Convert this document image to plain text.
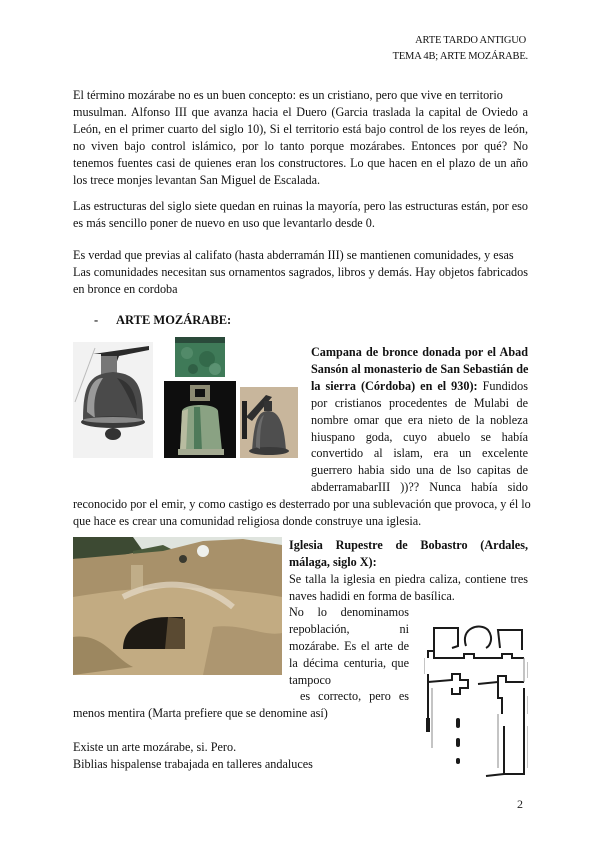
ARTE TARDO ANTIGUO
TEMA 4B; ARTE MOZÁRABE.
El término mozárabe no es un buen concepto: es un cristiano, pero que vive en territorio
musulman. Alfonso III que avanza hacia el Duero (Garcia traslada la capital de Oviedo a
León, en el primer cuarto del siglo 10), Si el territorio está bajo control de los reyes de león,
no viven bajo control islámico, por lo tanto porque mozárabes. Entonces por qué? No
tenemos fuentes casi de quienes eran los constructores. Lo que hacen en el plazo de un año
los trece monjes levantan San Miguel de Escalada.
Las estructuras del siglo siete quedan en ruinas la mayoría, pero las estructuras están, por eso
es más sencillo poner de nuevo en uso que levantarlo desde 0.
Es verdad que previas al califato (hasta abderramán III) se mantienen comunidades, y esas
Las comunidades necesitan sus ornamentos sagrados, libros y demás. Hay objetos fabricados
en bronce en cordoba
- ARTE MOZÁRABE:
Campana de bronce donada por el Abad
Sansón al monasterio de San Sebastián de
la sierra (Córdoba) en el 930): Fundidos
por cristianos procedentes de Mulabi de
nombre omar que era nieto de la nobleza
hiuspano goda, cuyo abuelo se había
convertido al islam, era un excelente
guerrero habia sido una de lso capitas de
abderramabarIII ))?? Nunca había sido
reconocido por el emir, y como castigo es desterrado por una sublevación que provoca, y él lo
que hace es crear una comunidad religiosa donde construye una iglesia.
Iglesia Rupestre de Bobastro (Ardales,
málaga, siglo X):
Se talla la iglesia en piedra caliza, contiene tres
naves hadidi en forma de basílica.
No lo denominamos
repoblación, ni
mozárabe. Es el arte de
la décima centuria, que
tampoco
es correcto, pero es
menos mentira (Marta prefiere que se denomine así)
Existe un arte mozárabe, si. Pero.
Biblias hispalense trabajada en talleres andaluces
2
